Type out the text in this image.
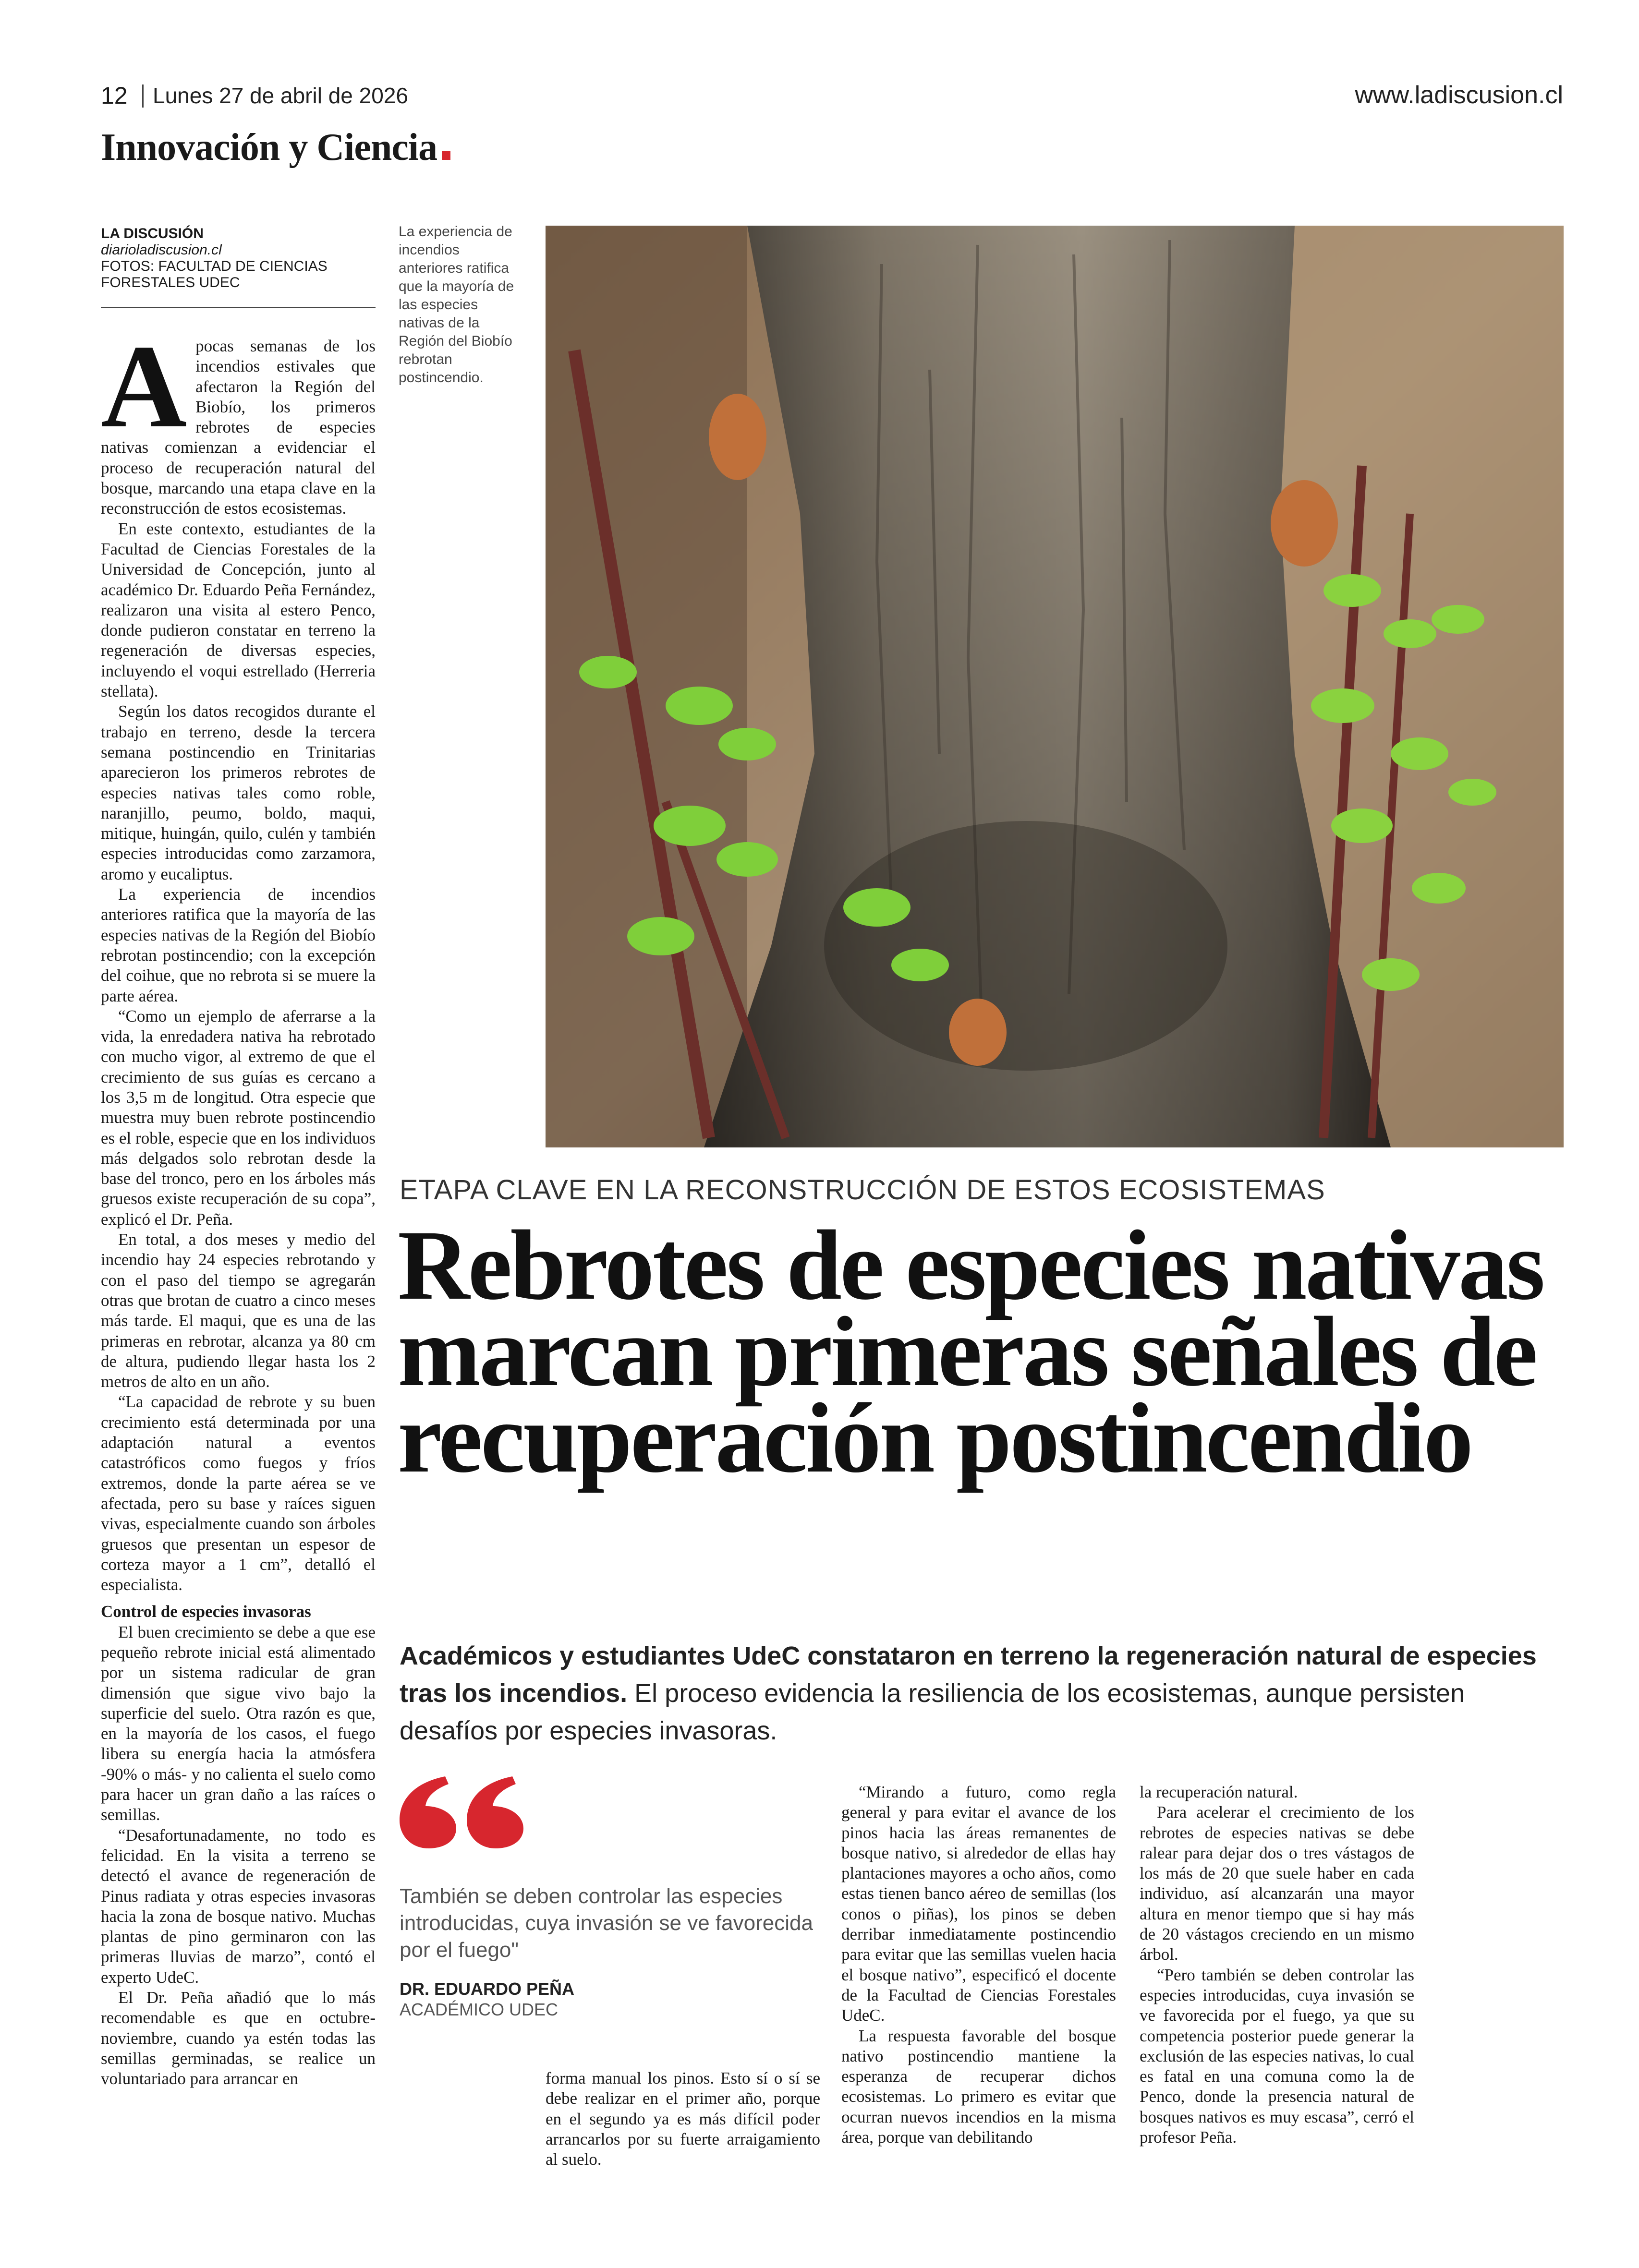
12 Lunes 27 de abril de 2026	www.ladiscusion.cl
Innovación y Ciencia
LA DISCUSIÓN
diarioladiscusion.cl
FOTOS: FACULTAD DE CIENCIAS FORESTALES UDEC
La experiencia de incendios anteriores ratifica que la mayoría de las especies nativas de la Región del Biobío rebrotan postincendio.
ETAPA CLAVE EN LA RECONSTRUCCIÓN DE ESTOS ECOSISTEMAS
Rebrotes de especies nativas marcan primeras señales de recuperación postincendio
Académicos y estudiantes UdeC constataron en terreno la regeneración natural de especies tras los incendios. El proceso evidencia la resiliencia de los ecosistemas, aunque persisten desafíos por especies invasoras.
También se deben controlar las especies introducidas, cuya invasión se ve favorecida por el fuego"
DR. EDUARDO PEÑA
ACADÉMICO UDEC
A pocas semanas de los incendios estivales que afectaron la Región del Biobío, los primeros rebrotes de especies nativas comienzan a evidenciar el proceso de recuperación natural del bosque, marcando una etapa clave en la reconstrucción de estos ecosistemas.

En este contexto, estudiantes de la Facultad de Ciencias Forestales de la Universidad de Concepción, junto al académico Dr. Eduardo Peña Fernández, realizaron una visita al estero Penco, donde pudieron constatar en terreno la regeneración de diversas especies, incluyendo el voqui estrellado (Herreria stellata).

Según los datos recogidos durante el trabajo en terreno, desde la tercera semana postincendio en Trinitarias aparecieron los primeros rebrotes de especies nativas tales como roble, naranjillo, peumo, boldo, maqui, mitique, huingán, quilo, culén y también especies introducidas como zarzamora, aromo y eucaliptus.

La experiencia de incendios anteriores ratifica que la mayoría de las especies nativas de la Región del Biobío rebrotan postincendio; con la excepción del coihue, que no rebrota si se muere la parte aérea.

“Como un ejemplo de aferrarse a la vida, la enredadera nativa ha rebrotado con mucho vigor, al extremo de que el crecimiento de sus guías es cercano a los 3,5 m de longitud. Otra especie que muestra muy buen rebrote postincendio es el roble, especie que en los individuos más delgados solo rebrotan desde la base del tronco, pero en los árboles más gruesos existe recuperación de su copa”, explicó el Dr. Peña.

En total, a dos meses y medio del incendio hay 24 especies rebrotando y con el paso del tiempo se agregarán otras que brotan de cuatro a cinco meses más tarde. El maqui, que es una de las primeras en rebrotar, alcanza ya 80 cm de altura, pudiendo llegar hasta los 2 metros de alto en un año.

“La capacidad de rebrote y su buen crecimiento está determinada por una adaptación natural a eventos catastróficos como fuegos y fríos extremos, donde la parte aérea se ve afectada, pero su base y raíces siguen vivas, especialmente cuando son árboles gruesos que presentan un espesor de corteza mayor a 1 cm”, detalló el especialista.

Control de especies invasoras

El buen crecimiento se debe a que ese pequeño rebrote inicial está alimentado por un sistema radicular de gran dimensión que sigue vivo bajo la superficie del suelo. Otra razón es que, en la mayoría de los casos, el fuego libera su energía hacia la atmósfera -90% o más- y no calienta el suelo como para hacer un gran daño a las raíces o semillas.

“Desafortunadamente, no todo es felicidad. En la visita a terreno se detectó el avance de regeneración de Pinus radiata y otras especies invasoras hacia la zona de bosque nativo. Muchas plantas de pino germinaron con las primeras lluvias de marzo”, contó el experto UdeC.

El Dr. Peña añadió que lo más recomendable es que en octubre-noviembre, cuando ya estén todas las semillas germinadas, se realice un voluntariado para arrancar en	forma manual los pinos. Esto sí o sí se debe realizar en el primer año, porque en el segundo ya es más difícil poder arrancarlos por su fuerte arraigamiento al suelo.

“Mirando a futuro, como regla general y para evitar el avance de los pinos hacia las áreas remanentes de bosque nativo, si alrededor de ellas hay plantaciones mayores a ocho años, como estas tienen banco aéreo de semillas (los conos o piñas), los pinos se deben derribar inmediatamente postincendio para evitar que las semillas vuelen hacia el bosque nativo”, especificó el docente de la Facultad de Ciencias Forestales UdeC.

La respuesta favorable del bosque nativo postincendio mantiene la esperanza de recuperar dichos ecosistemas. Lo primero es evitar que ocurran nuevos incendios en la misma área, porque van debilitando

la recuperación natural.

Para acelerar el crecimiento de los rebrotes de especies nativas se debe ralear para dejar dos o tres vástagos de los más de 20 que suele haber en cada individuo, así alcanzarán una mayor altura en menor tiempo que si hay más de 20 vástagos creciendo en un mismo árbol.

“Pero también se deben controlar las especies introducidas, cuya invasión se ve favorecida por el fuego, ya que su competencia posterior puede generar la exclusión de las especies nativas, lo cual es fatal en una comuna como la de Penco, donde la presencia natural de bosques nativos es muy escasa”, cerró el profesor Peña.
